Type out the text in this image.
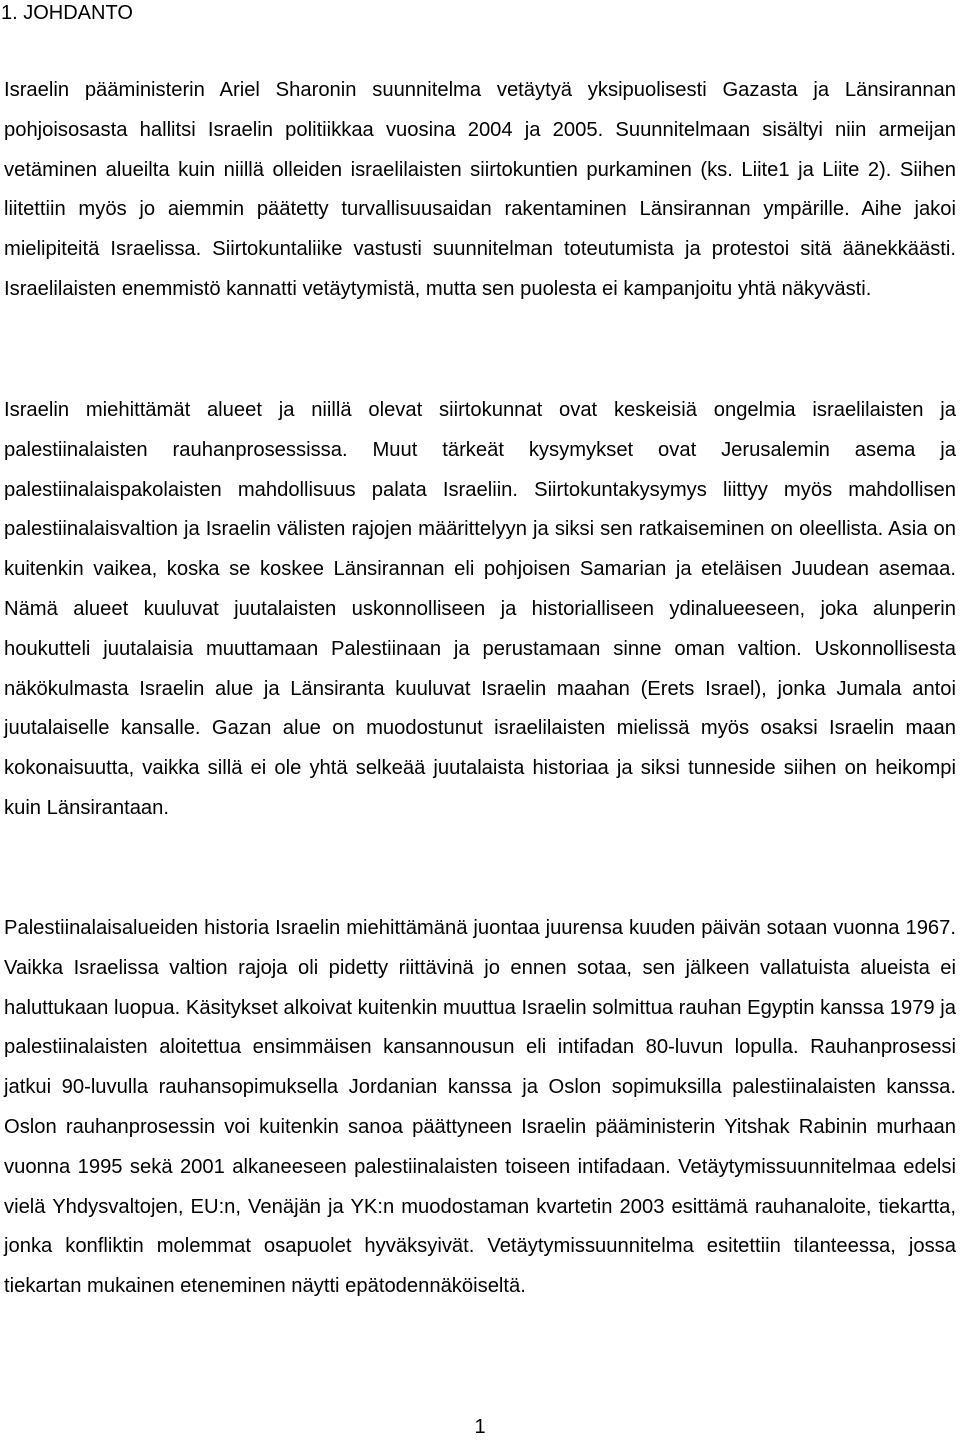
1. JOHDANTO

Israelin pääministerin Ariel Sharonin suunnitelma vetäytyä yksipuolisesti Gazasta ja Länsirannan pohjoisosasta hallitsi Israelin politiikkaa vuosina 2004 ja 2005. Suunnitelmaan sisältyi niin armeijan vetäminen alueilta kuin niillä olleiden israelilaisten siirtokuntien purkaminen (ks. Liite1 ja Liite 2). Siihen liitettiin myös jo aiemmin päätetty turvallisuusaidan rakentaminen Länsirannan ympärille. Aihe jakoi mielipiteitä Israelissa. Siirtokuntaliike vastusti suunnitelman toteutumista ja protestoi sitä äänekkäästi. Israelilaisten enemmistö kannatti vetäytymistä, mutta sen puolesta ei kampanjoitu yhtä näkyvästi.

Israelin miehittämät alueet ja niillä olevat siirtokunnat ovat keskeisiä ongelmia israelilaisten ja palestiinalaisten rauhanprosessissa. Muut tärkeät kysymykset ovat Jerusalemin asema ja palestiinalaispakolaisten mahdollisuus palata Israeliin. Siirtokuntakysymys liittyy myös mahdollisen palestiinalaisvaltion ja Israelin välisten rajojen määrittelyyn ja siksi sen ratkaiseminen on oleellista. Asia on kuitenkin vaikea, koska se koskee Länsirannan eli pohjoisen Samarian ja eteläisen Juudean asemaa. Nämä alueet kuuluvat juutalaisten uskonnolliseen ja historialliseen ydinalueeseen, joka alunperin houkutteli juutalaisia muuttamaan Palestiinaan ja perustamaan sinne oman valtion. Uskonnollisesta näkökulmasta Israelin alue ja Länsiranta kuuluvat Israelin maahan (Erets Israel), jonka Jumala antoi juutalaiselle kansalle. Gazan alue on muodostunut israelilaisten mielissä myös osaksi Israelin maan kokonaisuutta, vaikka sillä ei ole yhtä selkeää juutalaista historiaa ja siksi tunneside siihen on heikompi kuin Länsirantaan.

Palestiinalaisalueiden historia Israelin miehittämänä juontaa juurensa kuuden päivän sotaan vuonna 1967. Vaikka Israelissa valtion rajoja oli pidetty riittävinä jo ennen sotaa, sen jälkeen vallatuista alueista ei haluttukaan luopua. Käsitykset alkoivat kuitenkin muuttua Israelin solmittua rauhan Egyptin kanssa 1979 ja palestiinalaisten aloitettua ensimmäisen kansannousun eli intifadan 80-luvun lopulla. Rauhanprosessi jatkui 90-luvulla rauhansopimuksella Jordanian kanssa ja Oslon sopimuksilla palestiinalaisten kanssa. Oslon rauhanprosessin voi kuitenkin sanoa päättyneen Israelin pääministerin Yitshak Rabinin murhaan vuonna 1995 sekä 2001 alkaneeseen palestiinalaisten toiseen intifadaan. Vetäytymissuunnitelmaa edelsi vielä Yhdysvaltojen, EU:n, Venäjän ja YK:n muodostaman kvartetin 2003 esittämä rauhanaloite, tiekartta, jonka konfliktin molemmat osapuolet hyväksyivät. Vetäytymissuunnitelma esitettiin tilanteessa, jossa tiekartan mukainen eteneminen näytti epätodennäköiseltä.

1
